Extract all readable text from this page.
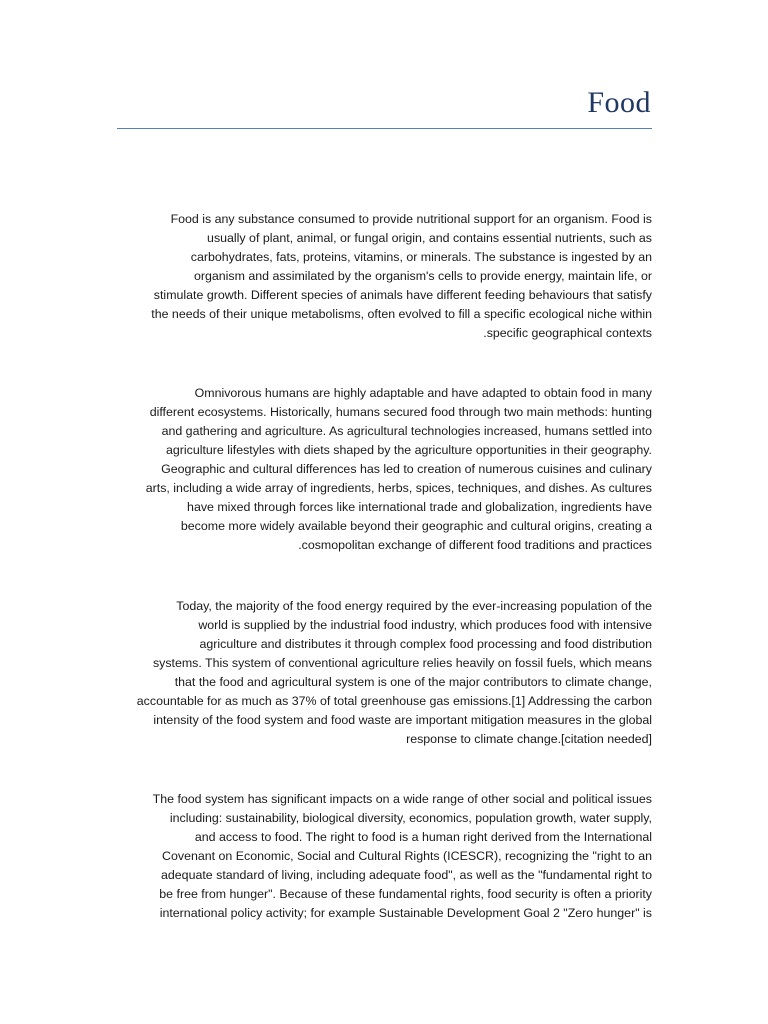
Food

Food is any substance consumed to provide nutritional support for an organism. Food is
usually of plant, animal, or fungal origin, and contains essential nutrients, such as
carbohydrates, fats, proteins, vitamins, or minerals. The substance is ingested by an
organism and assimilated by the organism's cells to provide energy, maintain life, or
stimulate growth. Different species of animals have different feeding behaviours that satisfy
the needs of their unique metabolisms, often evolved to fill a specific ecological niche within
.specific geographical contexts

Omnivorous humans are highly adaptable and have adapted to obtain food in many
different ecosystems. Historically, humans secured food through two main methods: hunting
and gathering and agriculture. As agricultural technologies increased, humans settled into
agriculture lifestyles with diets shaped by the agriculture opportunities in their geography.
Geographic and cultural differences has led to creation of numerous cuisines and culinary
arts, including a wide array of ingredients, herbs, spices, techniques, and dishes. As cultures
have mixed through forces like international trade and globalization, ingredients have
become more widely available beyond their geographic and cultural origins, creating a
.cosmopolitan exchange of different food traditions and practices

Today, the majority of the food energy required by the ever-increasing population of the
world is supplied by the industrial food industry, which produces food with intensive
agriculture and distributes it through complex food processing and food distribution
systems. This system of conventional agriculture relies heavily on fossil fuels, which means
that the food and agricultural system is one of the major contributors to climate change,
accountable for as much as 37% of total greenhouse gas emissions.[1] Addressing the carbon
intensity of the food system and food waste are important mitigation measures in the global
response to climate change.[citation needed]

The food system has significant impacts on a wide range of other social and political issues
including: sustainability, biological diversity, economics, population growth, water supply,
and access to food. The right to food is a human right derived from the International
Covenant on Economic, Social and Cultural Rights (ICESCR), recognizing the "right to an
adequate standard of living, including adequate food", as well as the "fundamental right to
be free from hunger". Because of these fundamental rights, food security is often a priority
international policy activity; for example Sustainable Development Goal 2 "Zero hunger" is
